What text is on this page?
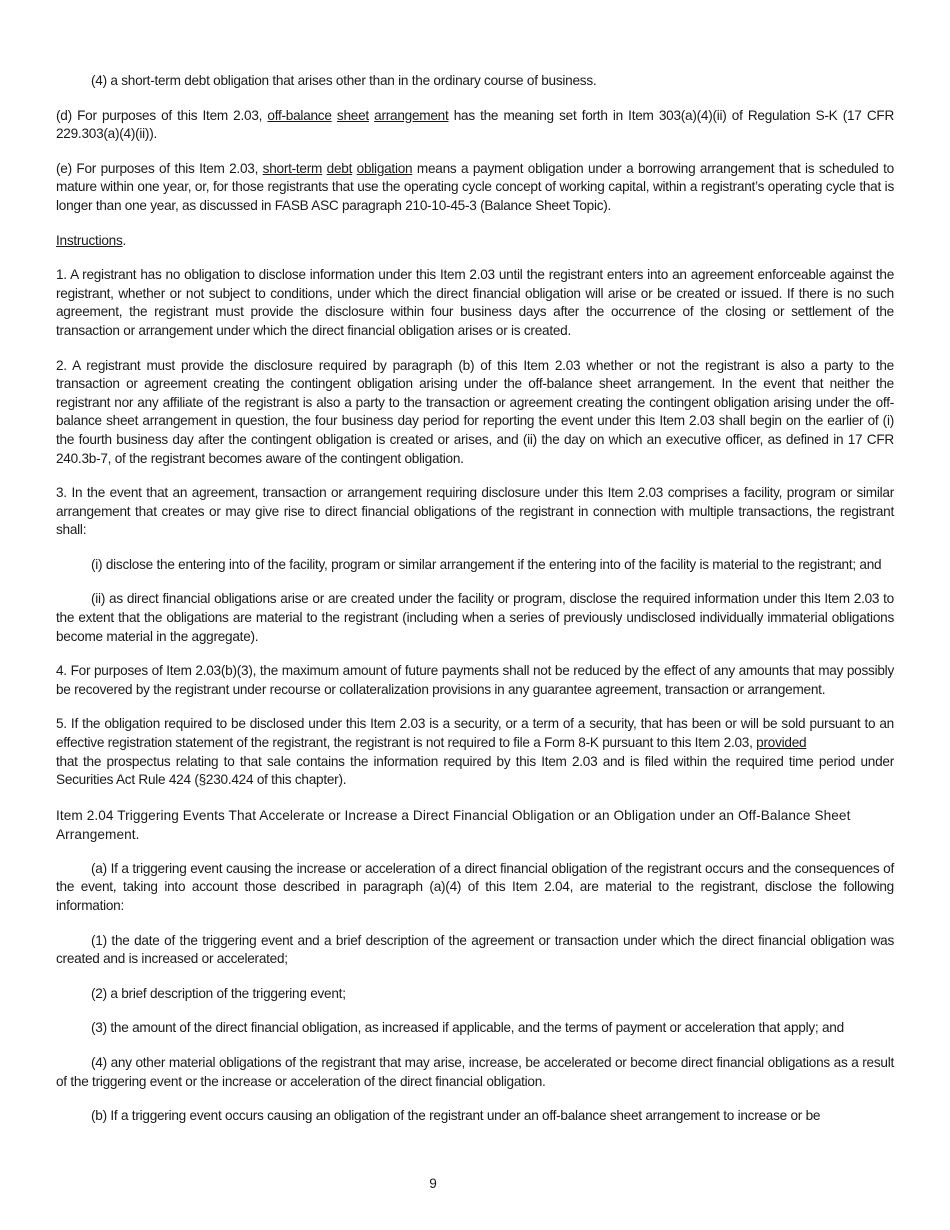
(4) a short-term debt obligation that arises other than in the ordinary course of business.

(d) For purposes of this Item 2.03, off-balance sheet arrangement has the meaning set forth in Item 303(a)(4)(ii) of Regulation S-K (17 CFR 229.303(a)(4)(ii)).

(e) For purposes of this Item 2.03, short-term debt obligation means a payment obligation under a borrowing arrangement that is scheduled to mature within one year, or, for those registrants that use the operating cycle concept of working capital, within a registrant’s operating cycle that is longer than one year, as discussed in FASB ASC paragraph 210-10-45-3 (Balance Sheet Topic).

Instructions.

1. A registrant has no obligation to disclose information under this Item 2.03 until the registrant enters into an agreement enforceable against the registrant, whether or not subject to conditions, under which the direct financial obligation will arise or be created or issued. If there is no such agreement, the registrant must provide the disclosure within four business days after the occurrence of the closing or settlement of the transaction or arrangement under which the direct financial obligation arises or is created.

2. A registrant must provide the disclosure required by paragraph (b) of this Item 2.03 whether or not the registrant is also a party to the transaction or agreement creating the contingent obligation arising under the off-balance sheet arrangement. In the event that neither the registrant nor any affiliate of the registrant is also a party to the transaction or agreement creating the contingent obligation arising under the off-balance sheet arrangement in question, the four business day period for reporting the event under this Item 2.03 shall begin on the earlier of (i) the fourth business day after the contingent obligation is created or arises, and (ii) the day on which an executive officer, as defined in 17 CFR 240.3b-7, of the registrant becomes aware of the contingent obligation.

3. In the event that an agreement, transaction or arrangement requiring disclosure under this Item 2.03 comprises a facility, program or similar arrangement that creates or may give rise to direct financial obligations of the registrant in connection with multiple transactions, the registrant shall:

(i) disclose the entering into of the facility, program or similar arrangement if the entering into of the facility is material to the registrant; and

(ii) as direct financial obligations arise or are created under the facility or program, disclose the required information under this Item 2.03 to the extent that the obligations are material to the registrant (including when a series of previously undisclosed individually immaterial obligations become material in the aggregate).

4. For purposes of Item 2.03(b)(3), the maximum amount of future payments shall not be reduced by the effect of any amounts that may possibly be recovered by the registrant under recourse or collateralization provisions in any guarantee agreement, transaction or arrangement.

5. If the obligation required to be disclosed under this Item 2.03 is a security, or a term of a security, that has been or will be sold pursuant to an effective registration statement of the registrant, the registrant is not required to file a Form 8-K pursuant to this Item 2.03, provided
that the prospectus relating to that sale contains the information required by this Item 2.03 and is filed within the required time period under Securities Act Rule 424 (§230.424 of this chapter).

Item 2.04 Triggering Events That Accelerate or Increase a Direct Financial Obligation or an Obligation under an Off-Balance Sheet Arrangement.

(a) If a triggering event causing the increase or acceleration of a direct financial obligation of the registrant occurs and the consequences of the event, taking into account those described in paragraph (a)(4) of this Item 2.04, are material to the registrant, disclose the following information:

(1) the date of the triggering event and a brief description of the agreement or transaction under which the direct financial obligation was created and is increased or accelerated;

(2) a brief description of the triggering event;

(3) the amount of the direct financial obligation, as increased if applicable, and the terms of payment or acceleration that apply; and

(4) any other material obligations of the registrant that may arise, increase, be accelerated or become direct financial obligations as a result of the triggering event or the increase or acceleration of the direct financial obligation.

(b) If a triggering event occurs causing an obligation of the registrant under an off-balance sheet arrangement to increase or be

9
